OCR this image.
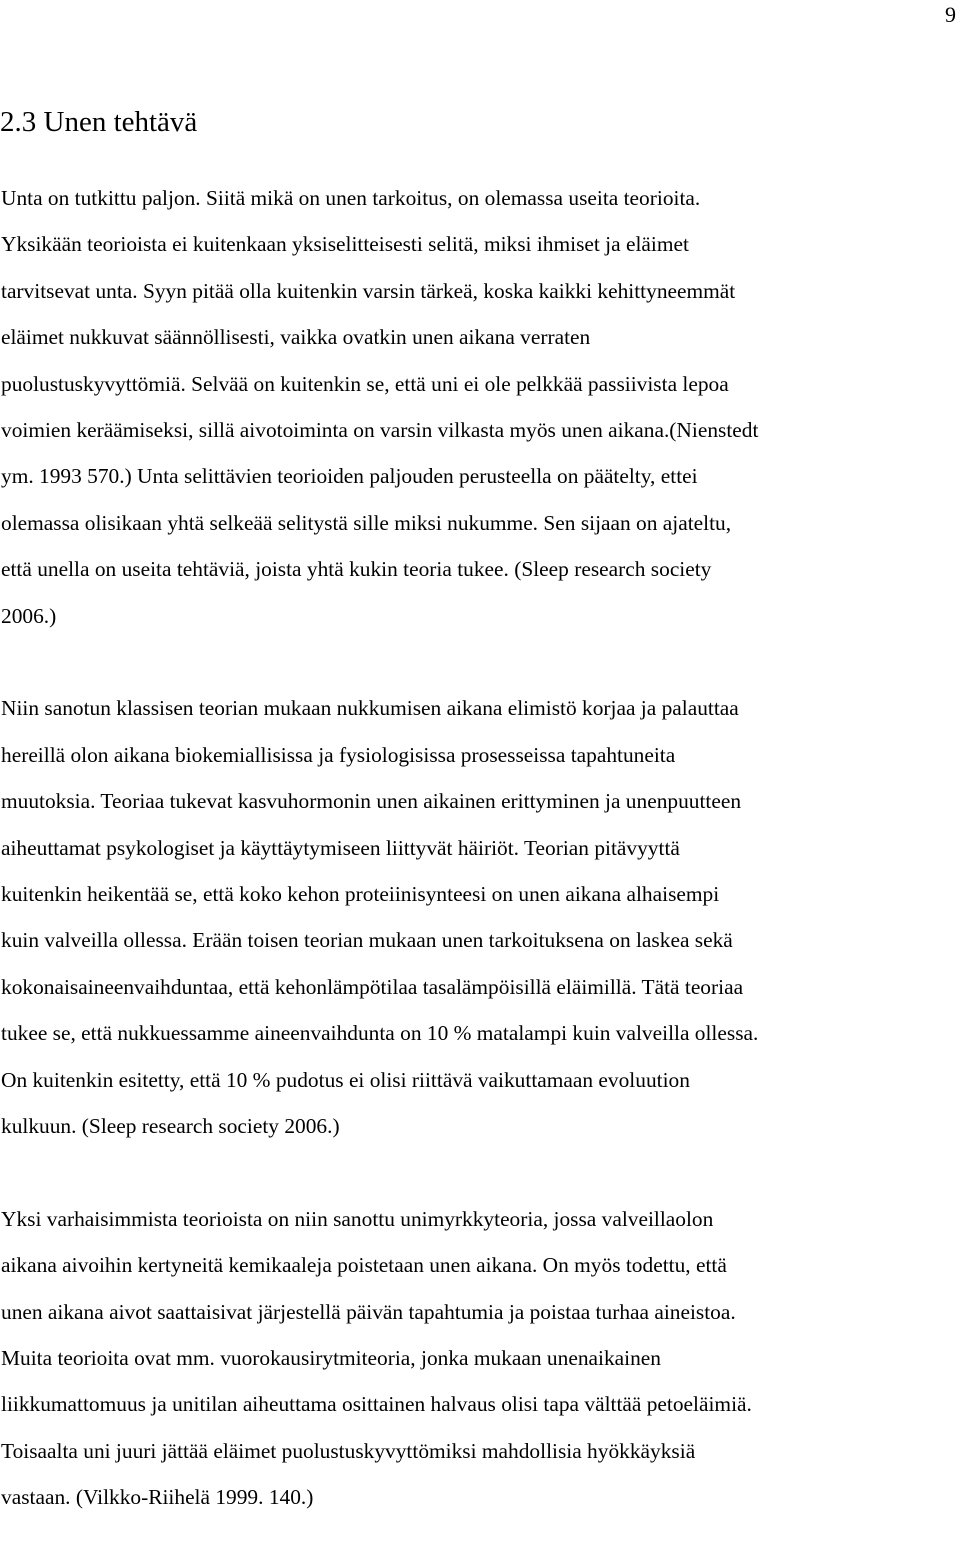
9
2.3 Unen tehtävä
Unta on tutkittu paljon. Siitä mikä on unen tarkoitus, on olemassa useita teorioita.
Yksikään teorioista ei kuitenkaan yksiselitteisesti selitä, miksi ihmiset ja eläimet
tarvitsevat unta. Syyn pitää olla kuitenkin varsin tärkeä, koska kaikki kehittyneemmät
eläimet nukkuvat säännöllisesti, vaikka ovatkin unen aikana verraten
puolustuskyvyttömiä. Selvää on kuitenkin se, että uni ei ole pelkkää passiivista lepoa
voimien keräämiseksi, sillä aivotoiminta on varsin vilkasta myös unen aikana.(Nienstedt
ym. 1993 570.) Unta selittävien teorioiden paljouden perusteella on päätelty, ettei
olemassa olisikaan yhtä selkeää selitystä sille miksi nukumme. Sen sijaan on ajateltu,
että unella on useita tehtäviä, joista yhtä kukin teoria tukee. (Sleep research society
2006.)
Niin sanotun klassisen teorian mukaan nukkumisen aikana elimistö korjaa ja palauttaa
hereillä olon aikana biokemiallisissa ja fysiologisissa prosesseissa tapahtuneita
muutoksia. Teoriaa tukevat kasvuhormonin unen aikainen erittyminen ja unenpuutteen
aiheuttamat psykologiset ja käyttäytymiseen liittyvät häiriöt. Teorian pitävyyttä
kuitenkin heikentää se, että koko kehon proteiinisynteesi on unen aikana alhaisempi
kuin valveilla ollessa. Erään toisen teorian mukaan unen tarkoituksena on laskea sekä
kokonaisaineenvaihduntaa, että kehonlämpötilaa tasalämpöisillä eläimillä. Tätä teoriaa
tukee se, että nukkuessamme aineenvaihdunta on 10 % matalampi kuin valveilla ollessa.
On kuitenkin esitetty, että 10 % pudotus ei olisi riittävä vaikuttamaan evoluution
kulkuun. (Sleep research society 2006.)
Yksi varhaisimmista teorioista on niin sanottu unimyrkkyteoria, jossa valveillaolon
aikana aivoihin kertyneitä kemikaaleja poistetaan unen aikana. On myös todettu, että
unen aikana aivot saattaisivat järjestellä päivän tapahtumia ja poistaa turhaa aineistoa.
Muita teorioita ovat mm. vuorokausirytmiteoria, jonka mukaan unenaikainen
liikkumattomuus ja unitilan aiheuttama osittainen halvaus olisi tapa välttää petoeläimiä.
Toisaalta uni juuri jättää eläimet puolustuskyvyttömiksi mahdollisia hyökkäyksiä
vastaan. (Vilkko-Riihelä 1999. 140.)
